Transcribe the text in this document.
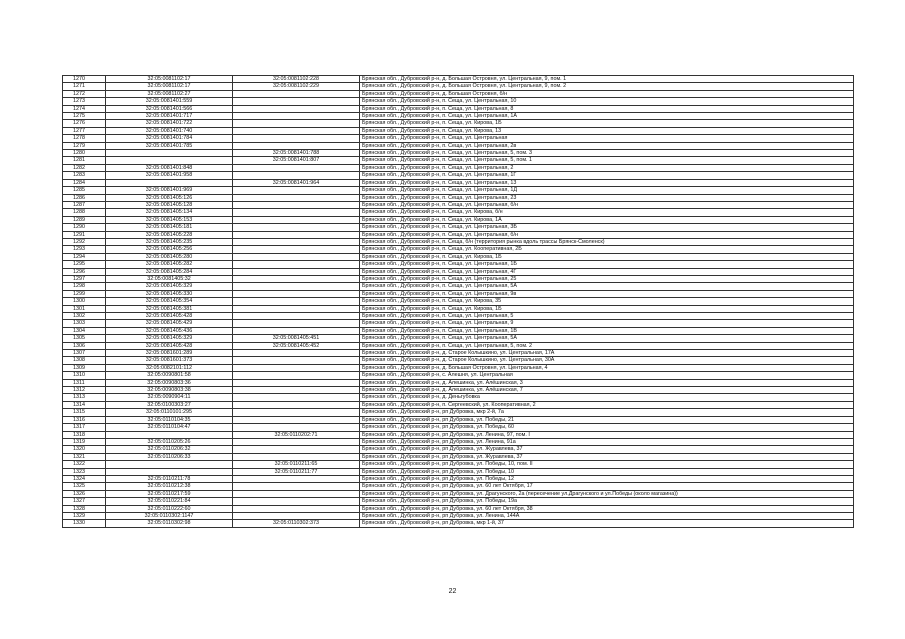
1270	32:05:0081102:17	32:05:0081102:228	Брянская обл., Дубровский р-н, д. Большая Островня, ул. Центральная, 9, пом. 1
1271	32:05:0081102:17	32:05:0081102:229	Брянская обл., Дубровский р-н, д. Большая Островня, ул. Центральная, 9, пом. 2
1272	32:05:0081102:27		Брянская обл., Дубровский р-н, д. Большая Островня, б/н
1273	32:05:0081401:559		Брянская обл., Дубровский р-н, п. Сеща, ул. Центральная, 10
1274	32:05:0081401:566		Брянская обл., Дубровский р-н, п. Сеща, ул. Центральная, 8
1275	32:05:0081401:717		Брянская обл., Дубровский р-н, п. Сеща, ул. Центральная, 1А
1276	32:05:0081401:722		Брянская обл., Дубровский р-н, п. Сеща, ул. Кирова, 1Б
1277	32:05:0081401:740		Брянская обл., Дубровский р-н, п. Сеща, ул. Кирова, 13
1278	32:05:0081401:784		Брянская обл., Дубровский р-н, п. Сеща, ул. Центральная
1279	32:05:0081401:785		Брянская обл., Дубровский р-н, п. Сеща, ул. Центральная, 2в
1280		32:05:0081401:788	Брянская обл., Дубровский р-н, п. Сеща, ул. Центральная, 5, пом. 3
1281		32:05:0081401:807	Брянская обл., Дубровский р-н, п. Сеща, ул. Центральная, 5, пом. 1
1282	32:05:0081401:848		Брянская обл., Дубровский р-н, п. Сеща, ул. Центральная, 2
1283	32:05:0081401:958		Брянская обл., Дубровский р-н, п. Сеща, ул. Центральная, 1Г
1284		32:05:0081401:964	Брянская обл., Дубровский р-н, п. Сеща, ул. Центральная, 13
1285	32:05:0081401:969		Брянская обл., Дубровский р-н, п. Сеща, ул. Центральная, 1Д
1286	32:05:0081405:126		Брянская обл., Дубровский р-н, п. Сеща, ул. Центральная, 23
1287	32:05:0081405:128		Брянская обл., Дубровский р-н, п. Сеща, ул. Центральная, б/н
1288	32:05:0081405:134		Брянская обл., Дубровский р-н, п. Сеща, ул. Кирова, б/н
1289	32:05:0081405:153		Брянская обл., Дубровский р-н, п. Сеща, ул. Кирова, 1А
1290	32:05:0081405:181		Брянская обл., Дубровский р-н, п. Сеща, ул. Центральная, 3Б
1291	32:05:0081405:228		Брянская обл., Дубровский р-н, п. Сеща, ул. Центральная, б/н
1292	32:05:0081405:235		Брянская обл., Дубровский р-н, п. Сеща, б/н (территория рынка вдоль трассы Брянск-Смоленск)
1293	32:05:0081405:256		Брянская обл., Дубровский р-н, п. Сеща, ул. Кооперативная, 2Б
1294	32:05:0081405:280		Брянская обл., Дубровский р-н, п. Сеща, ул. Кирова, 1Б
1295	32:05:0081405:282		Брянская обл., Дубровский р-н, п. Сеща, ул. Центральная, 1Б
1296	32:05:0081405:284		Брянская обл., Дубровский р-н, п. Сеща, ул. Центральная, 4Г
1297	32:05:0081405:32		Брянская обл., Дубровский р-н, п. Сеща, ул. Центральная, 25
1298	32:05:0081405:329		Брянская обл., Дубровский р-н, п. Сеща, ул. Центральная, 5А
1299	32:05:0081405:330		Брянская обл., Дубровский р-н, п. Сеща, ул. Центральная, 9в
1300	32:05:0081405:354		Брянская обл., Дубровский р-н, п. Сеща, ул. Кирова, 35
1301	32:05:0081405:381		Брянская обл., Дубровский р-н, п. Сеща, ул. Кирова, 1Б
1302	32:05:0081405:428		Брянская обл., Дубровский р-н, п. Сеща, ул. Центральная, 5
1303	32:05:0081405:429		Брянская обл., Дубровский р-н, п. Сеща, ул. Центральная, 9
1304	32:05:0081405:436		Брянская обл., Дубровский р-н, п. Сеща, ул. Центральная, 1В
1305	32:05:0081405:329	32:05:0081405:451	Брянская обл., Дубровский р-н, п. Сеща, ул. Центральная, 5А
1306	32:05:0081405:428	32:05:0081405:452	Брянская обл., Дубровский р-н, п. Сеща, ул. Центральная, 5, пом. 2
1307	32:05:0081601:289		Брянская обл., Дубровский р-н, д. Старое Колышкино, ул. Центральная, 17А
1308	32:05:0081601:373		Брянская обл., Дубровский р-н, д. Старое Колышкино, ул. Центральная, 30А
1309	32:05:0082101:112		Брянская обл., Дубровский р-н, д. Большая Островня, ул. Центральная, 4
1310	32:05:0090801:58		Брянская обл., Дубровский р-н, с. Алешня, ул. Центральная
1311	32:05:0090803:36		Брянская обл., Дубровский р-н, д. Алешинка, ул. Алёшинская, 3
1312	32:05:0090803:38		Брянская обл., Дубровский р-н, д. Алешинка, ул. Алёшинская, 7
1313	32:05:0090904:11		Брянская обл., Дубровский р-н, д. Деньгубовка
1314	32:05:0100303:27		Брянская обл., Дубровский р-н, п. Сергеевский, ул. Кооперативная, 2
1315	32:05:0110101:295		Брянская обл., Дубровский р-н, рп Дубровка, мкр 2-й, 7а
1316	32:05:0110104:35		Брянская обл., Дубровский р-н, рп Дубровка, ул. Победы, 21
1317	32:05:0110104:47		Брянская обл., Дубровский р-н, рп Дубровка, ул. Победы, 60
1318		32:05:0110202:71	Брянская обл., Дубровский р-н, рп Дубровка, ул. Ленина, 97, пом. I
1319	32:05:0110205:26		Брянская обл., Дубровский р-н, рп Дубровка, ул. Ленина, 91а
1320	32:05:0110206:32		Брянская обл., Дубровский р-н, рп Дубровка, ул. Журавлева, 37
1321	32:05:0110206:33		Брянская обл., Дубровский р-н, рп Дубровка, ул. Журавлева, 37
1322		32:05:0110211:65	Брянская обл., Дубровский р-н, рп Дубровка, ул. Победы, 10, пом. II
1323		32:05:0110211:77	Брянская обл., Дубровский р-н, рп Дубровка, ул. Победы, 10
1324	32:05:0110211:78		Брянская обл., Дубровский р-н, рп Дубровка, ул. Победы, 12
1325	32:05:0110212:38		Брянская обл., Дубровский р-н, рп Дубровка, ул. 60 лет Октября, 17
1326	32:05:0110217:59		Брянская обл., Дубровский р-н, рп Дубровка, ул. Драгунского, 2а (пересечение ул.Драгунского и ул.Победы (около магазина))
1327	32:05:0110221:84		Брянская обл., Дубровский р-н, рп Дубровка, ул. Победы, 19а
1328	32:05:0110222:60		Брянская обл., Дубровский р-н, рп Дубровка, ул. 60 лет Октября, 38
1329	32:05:0110302:1147		Брянская обл., Дубровский р-н, рп Дубровка, ул. Ленина, 144А
1330	32:05:0110302:98	32:05:0110302:373	Брянская обл., Дубровский р-н, рп Дубровка, мкр 1-й, 37
22
